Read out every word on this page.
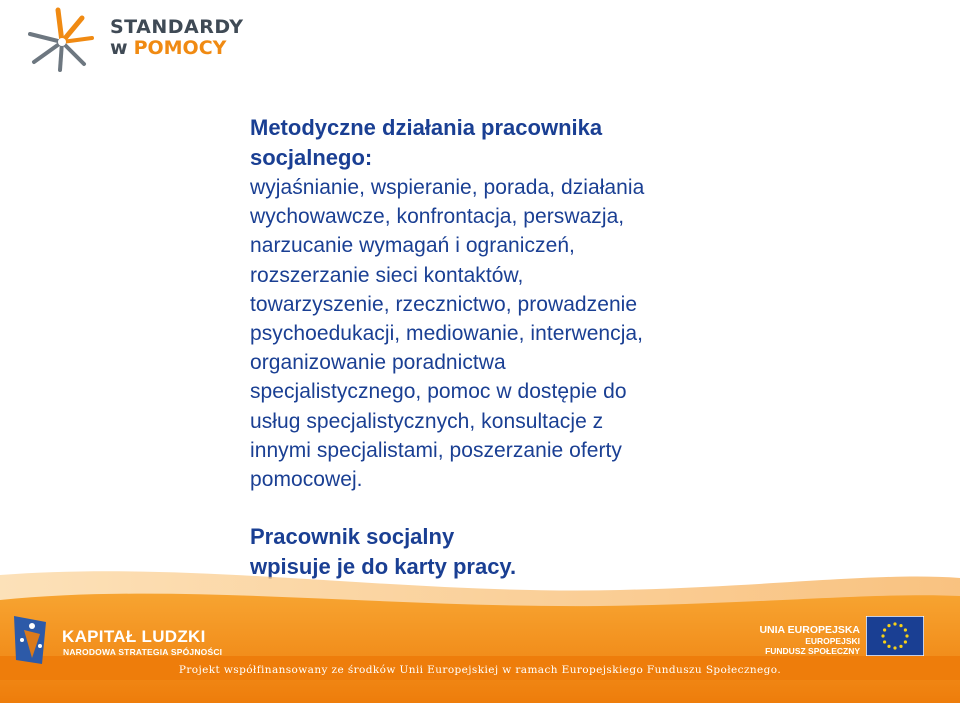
STANDARDY
w POMOCY

Metodyczne działania pracownika
socjalnego:

wyjaśnianie, wspieranie, porada, działania
wychowawcze, konfrontacja, perswazja,
narzucanie wymagań i ograniczeń,
rozszerzanie sieci kontaktów,
towarzyszenie, rzecznictwo, prowadzenie
psychoedukacji, mediowanie, interwencja,
organizowanie poradnictwa
specjalistycznego, pomoc w dostępie do
usług specjalistycznych, konsultacje z
innymi specjalistami, poszerzanie oferty
pomocowej.

Pracownik socjalny
wpisuje je do karty pracy.

KAPITAŁ LUDZKI
NARODOWA STRATEGIA SPÓJNOŚCI
UNIA EUROPEJSKA
EUROPEJSKI
FUNDUSZ SPOŁECZNY
Projekt współfinansowany ze środków Unii Europejskiej w ramach Europejskiego Funduszu Społecznego.
